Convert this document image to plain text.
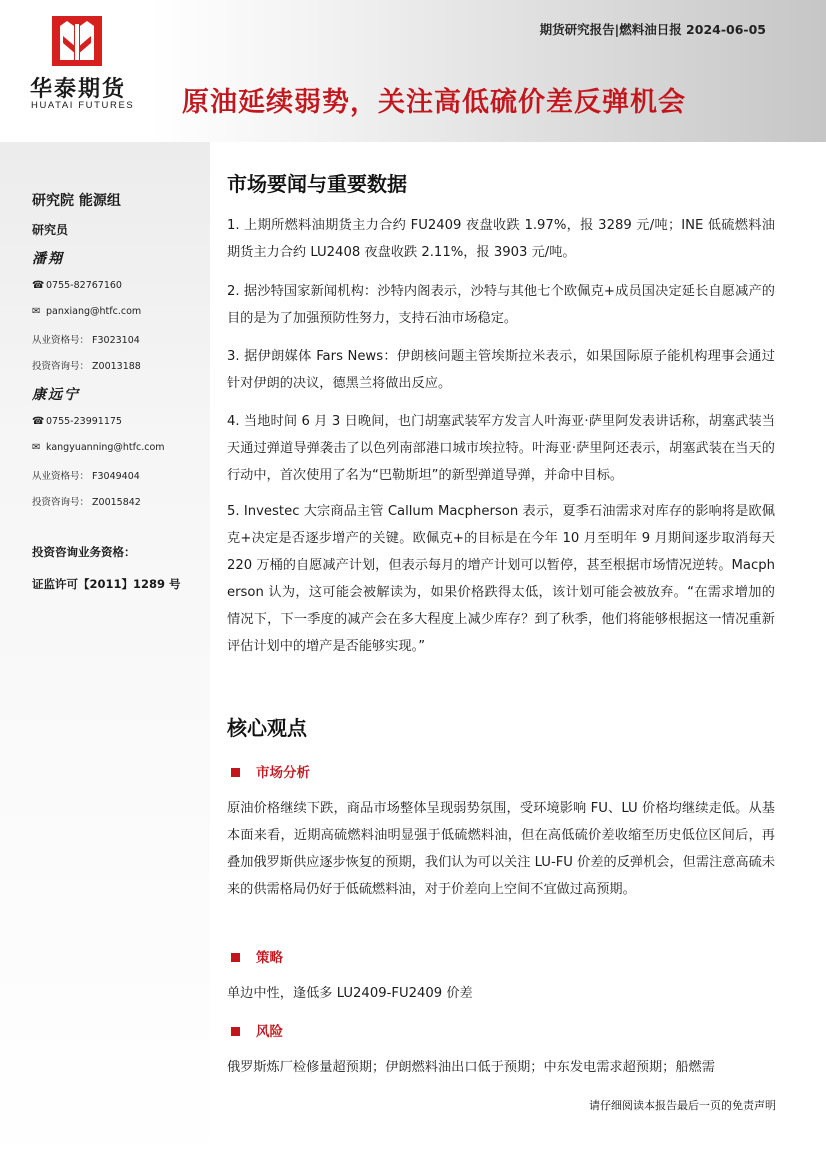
华泰期货
HUATAI FUTURES
期货研究报告|燃料油日报 2024-06-05
原油延续弱势，关注高低硫价差反弹机会
研究院 能源组
研究员
潘翔
☎ 0755-82767160
✉ panxiang@htfc.com
从业资格号： F3023104
投资咨询号： Z0013188
康远宁
☎ 0755-23991175
✉ kangyuanning@htfc.com
从业资格号： F3049404
投资咨询号： Z0015842
投资咨询业务资格：
证监许可【2011】1289 号
市场要闻与重要数据

1. 上期所燃料油期货主力合约 FU2409 夜盘收跌 1.97%，报 3289 元/吨；INE 低硫燃料油期货主力合约 LU2408 夜盘收跌 2.11%，报 3903 元/吨。

2. 据沙特国家新闻机构：沙特内阁表示，沙特与其他七个欧佩克+成员国决定延长自愿减产的目的是为了加强预防性努力，支持石油市场稳定。

3. 据伊朗媒体 Fars News：伊朗核问题主管埃斯拉米表示，如果国际原子能机构理事会通过针对伊朗的决议，德黑兰将做出反应。

4. 当地时间 6 月 3 日晚间，也门胡塞武装军方发言人叶海亚·萨里阿发表讲话称，胡塞武装当天通过弹道导弹袭击了以色列南部港口城市埃拉特。叶海亚·萨里阿还表示，胡塞武装在当天的行动中，首次使用了名为“巴勒斯坦”的新型弹道导弹，并命中目标。

5. Investec 大宗商品主管 Callum Macpherson 表示，夏季石油需求对库存的影响将是欧佩克+决定是否逐步增产的关键。欧佩克+的目标是在今年 10 月至明年 9 月期间逐步取消每天 220 万桶的自愿减产计划，但表示每月的增产计划可以暂停，甚至根据市场情况逆转。Macpherson 认为，这可能会被解读为，如果价格跌得太低，该计划可能会被放弃。“在需求增加的情况下，下一季度的减产会在多大程度上减少库存？到了秋季，他们将能够根据这一情况重新评估计划中的增产是否能够实现。”

核心观点
市场分析

原油价格继续下跌，商品市场整体呈现弱势氛围，受环境影响 FU、LU 价格均继续走低。从基本面来看，近期高硫燃料油明显强于低硫燃料油，但在高低硫价差收缩至历史低位区间后，再叠加俄罗斯供应逐步恢复的预期，我们认为可以关注 LU-FU 价差的反弹机会，但需注意高硫未来的供需格局仍好于低硫燃料油，对于价差向上空间不宜做过高预期。

策略

单边中性，逢低多 LU2409-FU2409 价差

风险

俄罗斯炼厂检修量超预期；伊朗燃料油出口低于预期；中东发电需求超预期；船燃需

请仔细阅读本报告最后一页的免责声明
